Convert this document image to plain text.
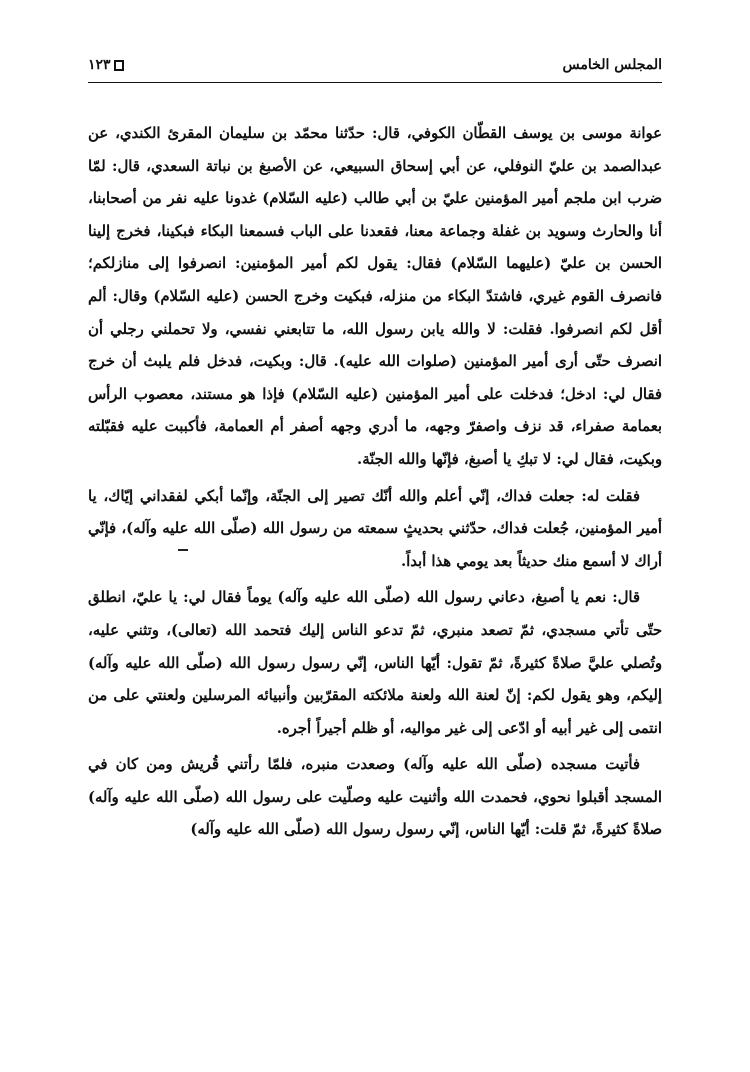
المجلس الخامس
١٢٣

عوانة موسى بن يوسف القطّان الكوفي، قال: حدّثنا محمّد بن سليمان المقرئ الكندي، عن عبدالصمد بن عليّ النوفلي، عن أبي إسحاق السبيعي، عن الأصبغ بن نباتة السعدي، قال: لمّا ضرب ابن ملجم أمير المؤمنين عليّ بن أبي طالب (عليه السّلام) غدونا عليه نفر من أصحابنا، أنا والحارث وسويد بن غفلة وجماعة معنا، فقعدنا على الباب فسمعنا البكاء فبكينا، فخرج إلينا الحسن بن عليّ (عليهما السّلام) فقال: يقول لكم أمير المؤمنين: انصرفوا إلى منازلكم؛ فانصرف القوم غيري، فاشتدّ البكاء من منزله، فبكيت وخرج الحسن (عليه السّلام) وقال: ألم أقل لكم انصرفوا. فقلت: لا والله يابن رسول الله، ما تتابعني نفسي، ولا تحملني رجلي أن انصرف حتّى أرى أمير المؤمنين (صلوات الله عليه). قال: وبكيت، فدخل فلم يلبث أن خرج فقال لي: ادخل؛ فدخلت على أمير المؤمنين (عليه السّلام) فإذا هو مستند، معصوب الرأس بعمامة صفراء، قد نزف واصفرّ وجهه، ما أدري وجهه أصفر أم العمامة، فأكببت عليه فقبّلته وبكيت، فقال لي: لا تبكِ يا أصبغ، فإنّها والله الجنّة.

فقلت له: جعلت فداك، إنّي أعلم والله أنّك تصير إلى الجنّة، وإنّما أبكي لفقداني إيّاك، يا أمير المؤمنين، جُعلت فداك، حدّثني بحديثٍ سمعته من رسول الله (صلّى الله عليه وآله)، فإنّي أراك لا أسمع منك حديثاً بعد يومي هذا أبداً.

قال: نعم يا أصبغ، دعاني رسول الله (صلّى الله عليه وآله) يوماً فقال لي: يا عليّ، انطلق حتّى تأتي مسجدي، ثمّ تصعد منبري، ثمّ تدعو الناس إليك فتحمد الله (تعالى)، وتثني عليه، وتُصلي عليَّ صلاةً كثيرةً، ثمّ تقول: أيّها الناس، إنّي رسول رسول الله (صلّى الله عليه وآله) إليكم، وهو يقول لكم: إنّ لعنة الله ولعنة ملائكته المقرّبين وأنبيائه المرسلين ولعنتي على من انتمى إلى غير أبيه أو ادّعى إلى غير مواليه، أو ظلم أجيراً أجره.

فأتيت مسجده (صلّى الله عليه وآله) وصعدت منبره، فلمّا رأتني قُريش ومن كان في المسجد أقبلوا نحوي، فحمدت الله وأثنيت عليه وصلّيت على رسول الله (صلّى الله عليه وآله) صلاةً كثيرةً، ثمّ قلت: أيّها الناس، إنّي رسول رسول الله (صلّى الله عليه وآله)
